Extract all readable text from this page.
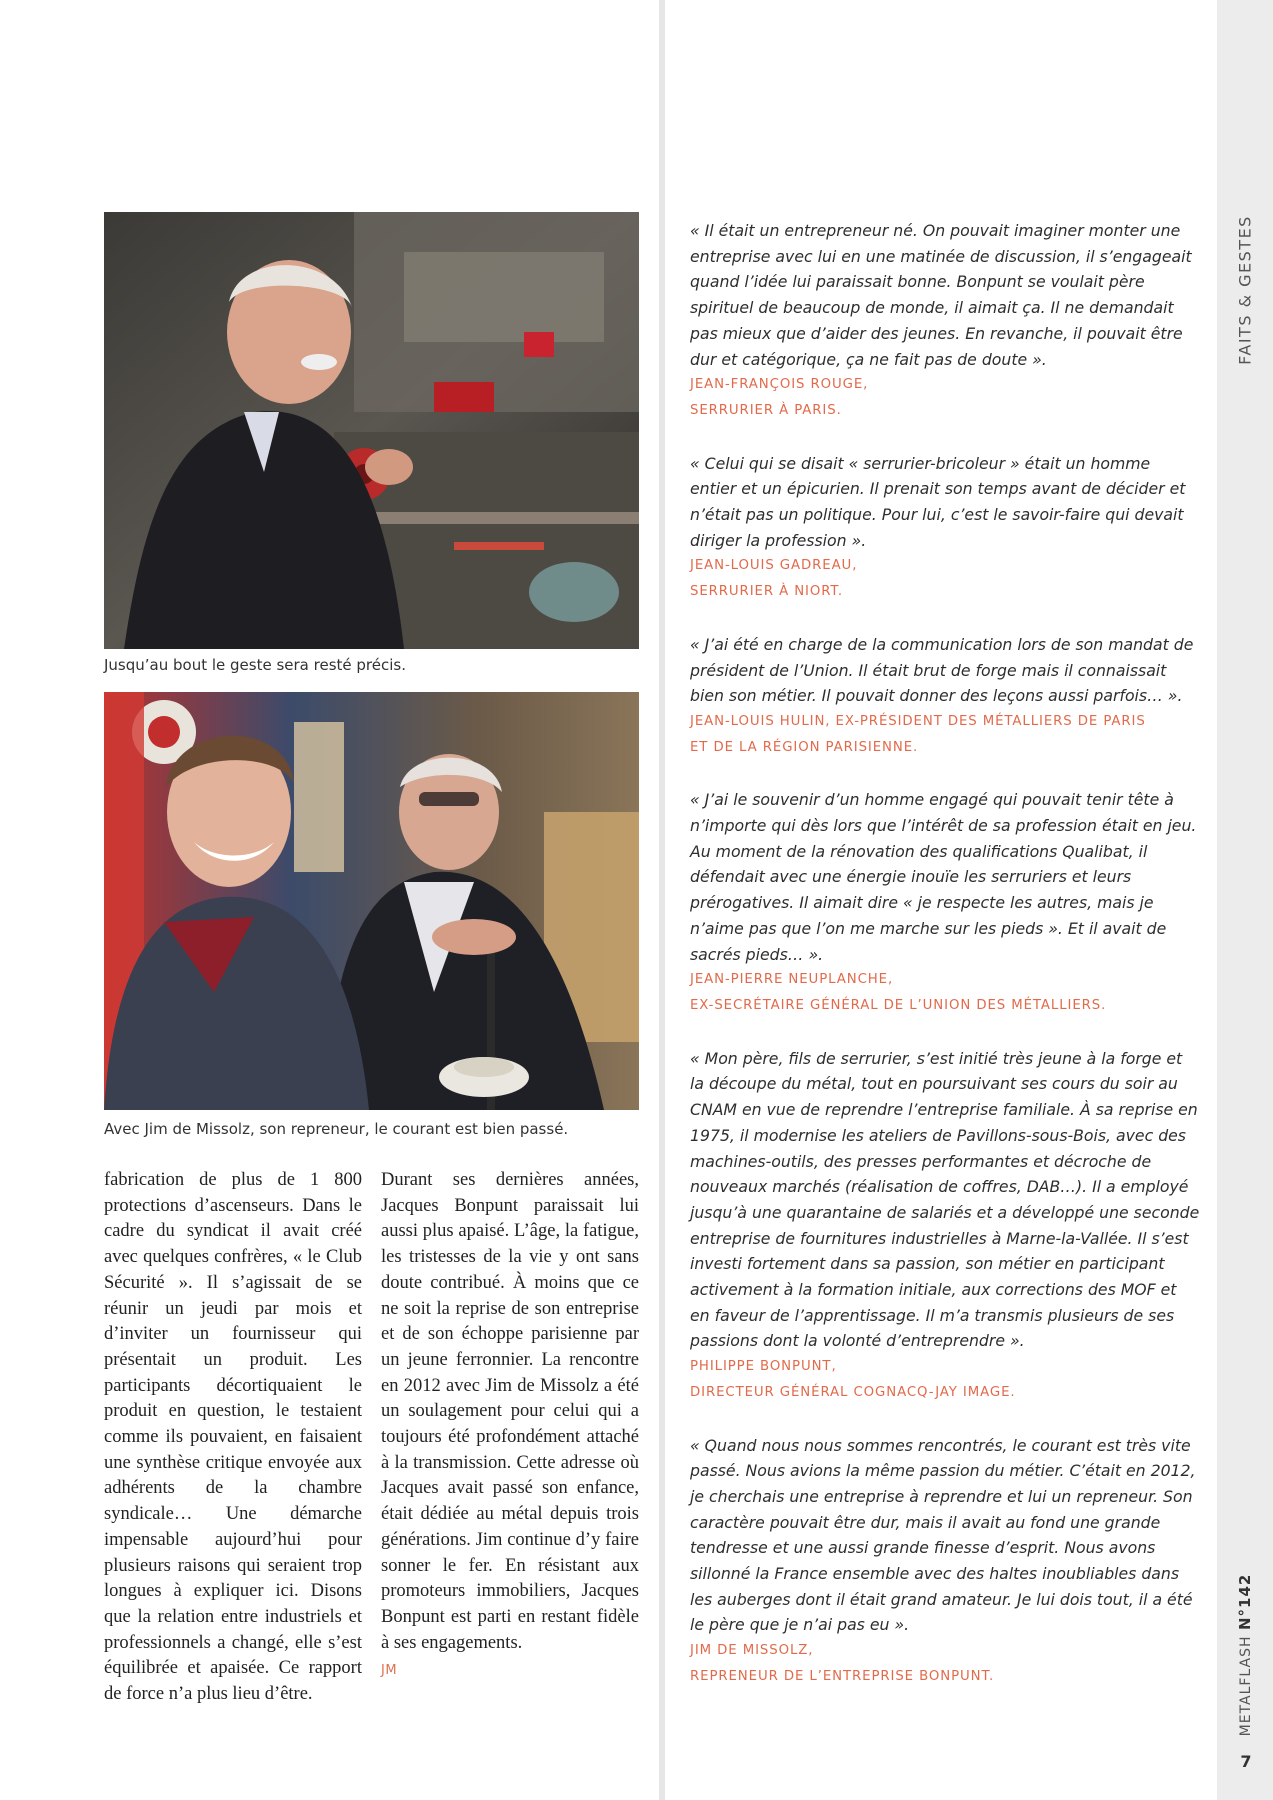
FAITS & GESTES
METALFLASH N°142
7
Jusqu’au bout le geste sera resté précis.
Avec Jim de Missolz, son repreneur, le courant est bien passé.
fabrication de plus de 1 800 protections d’ascenseurs. Dans le cadre du syndicat il avait créé avec quelques confrères, « le Club Sécurité ». Il s’agissait de se réunir un jeudi par mois et d’inviter un fournisseur qui présentait un produit. Les participants décortiquaient le produit en question, le testaient comme ils pouvaient, en faisaient une synthèse critique envoyée aux adhérents de la chambre syndicale… Une démarche impensable aujourd’hui pour plusieurs raisons qui seraient trop longues à expliquer ici. Disons que la relation entre industriels et professionnels a changé, elle s’est équilibrée et apaisée. Ce rapport de force n’a plus lieu d’être.
Durant ses dernières années, Jacques Bonpunt paraissait lui aussi plus apaisé. L’âge, la fatigue, les tristesses de la vie y ont sans doute contribué. À moins que ce ne soit la reprise de son entreprise et de son échoppe parisienne par un jeune ferronnier. La rencontre en 2012 avec Jim de Missolz a été un soulagement pour celui qui a toujours été profondément attaché à la transmission. Cette adresse où Jacques avait passé son enfance, était dédiée au métal depuis trois générations. Jim continue d’y faire sonner le fer. En résistant aux promoteurs immobiliers, Jacques Bonpunt est parti en restant fidèle à ses engagements.
JM
« Il était un entrepreneur né. On pouvait imaginer monter une entreprise avec lui en une matinée de discussion, il s’engageait quand l’idée lui paraissait bonne. Bonpunt se voulait père spirituel de beaucoup de monde, il aimait ça. Il ne demandait pas mieux que d’aider des jeunes. En revanche, il pouvait être dur et catégorique, ça ne fait pas de doute ».
JEAN-FRANÇOIS ROUGE,
SERRURIER À PARIS.
« Celui qui se disait « serrurier-bricoleur » était un homme entier et un épicurien. Il prenait son temps avant de décider et n’était pas un politique. Pour lui, c’est le savoir-faire qui devait diriger la profession ».
JEAN-LOUIS GADREAU,
SERRURIER À NIORT.
« J’ai été en charge de la communication lors de son mandat de président de l’Union. Il était brut de forge mais il connaissait bien son métier. Il pouvait donner des leçons aussi parfois… ».
JEAN-LOUIS HULIN, EX-PRÉSIDENT DES MÉTALLIERS DE PARIS
ET DE LA RÉGION PARISIENNE.
« J’ai le souvenir d’un homme engagé qui pouvait tenir tête à n’importe qui dès lors que l’intérêt de sa profession était en jeu. Au moment de la rénovation des qualifications Qualibat, il défendait avec une énergie inouïe les serruriers et leurs prérogatives. Il aimait dire « je respecte les autres, mais je n’aime pas que l’on me marche sur les pieds ». Et il avait de sacrés pieds… ».
JEAN-PIERRE NEUPLANCHE,
EX-SECRÉTAIRE GÉNÉRAL DE L’UNION DES MÉTALLIERS.
« Mon père, fils de serrurier, s’est initié très jeune à la forge et la découpe du métal, tout en poursuivant ses cours du soir au CNAM en vue de reprendre l’entreprise familiale. À sa reprise en 1975, il modernise les ateliers de Pavillons-sous-Bois, avec des machines-outils, des presses performantes et décroche de nouveaux marchés (réalisation de coffres, DAB…). Il a employé jusqu’à une quarantaine de salariés et a développé une seconde entreprise de fournitures industrielles à Marne-la-Vallée. Il s’est investi fortement dans sa passion, son métier en participant activement à la formation initiale, aux corrections des MOF et en faveur de l’apprentissage. Il m’a transmis plusieurs de ses passions dont la volonté d’entreprendre ».
PHILIPPE BONPUNT,
DIRECTEUR GÉNÉRAL COGNACQ-JAY IMAGE.
« Quand nous nous sommes rencontrés, le courant est très vite passé. Nous avions la même passion du métier. C’était en 2012, je cherchais une entreprise à reprendre et lui un repreneur. Son caractère pouvait être dur, mais il avait au fond une grande tendresse et une aussi grande finesse d’esprit. Nous avons sillonné la France ensemble avec des haltes inoubliables dans les auberges dont il était grand amateur. Je lui dois tout, il a été le père que je n’ai pas eu ».
JIM DE MISSOLZ,
REPRENEUR DE L’ENTREPRISE BONPUNT.
